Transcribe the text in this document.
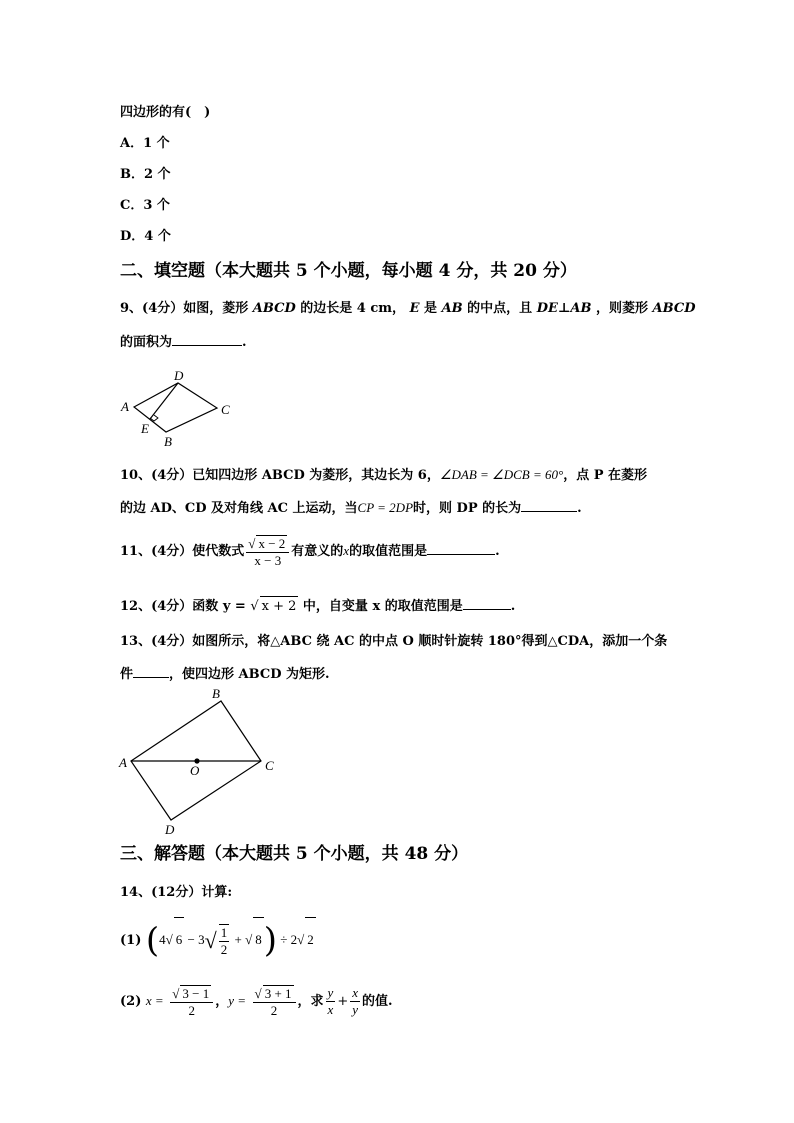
四边形的有(　)
A．1 个
B．2 个
C．3 个
D．4 个
二、填空题（本大题共 5 个小题，每小题 4 分，共 20 分）
9、(4分）如图，菱形 ABCD 的边长是 4 cm， E 是 AB 的中点，且 DE⊥AB ，则菱形 ABCD
的面积为	.
A
D
C
E
B
10、(4分）已知四边形 ABCD 为菱形，其边长为 6，∠DAB = ∠DCB = 60°，点 P 在菱形
的边 AD、CD 及对角线 AC 上运动，当CP = 2DP时，则 DP 的长为	.
11、(4分）使代数式 $\frac{√ x - 2}{x - 3}$ 有意义的x的取值范围是	.
12、(4分）函数 y = √ x + 2 中，自变量 x 的取值范围是	.
13、(4分）如图所示，将△ABC 绕 AC 的中点 O 顺时针旋转 180°得到△CDA，添加一个条
件	，使四边形 ABCD 为矩形.
A
B
C
D
O
三、解答题（本大题共 5 个小题，共 48 分）
14、(12分）计算:
(1) (4√ $6 - 3√ \frac{1}{2}$ + √ 8) ÷ 2√ 2
(2) $x = \frac{√ 3 - 1}{2}$ ，$y = \frac{√ 3 + 1}{2}$ ，求 $\frac{y}{x} + \frac{x}{y}$ 的值.
